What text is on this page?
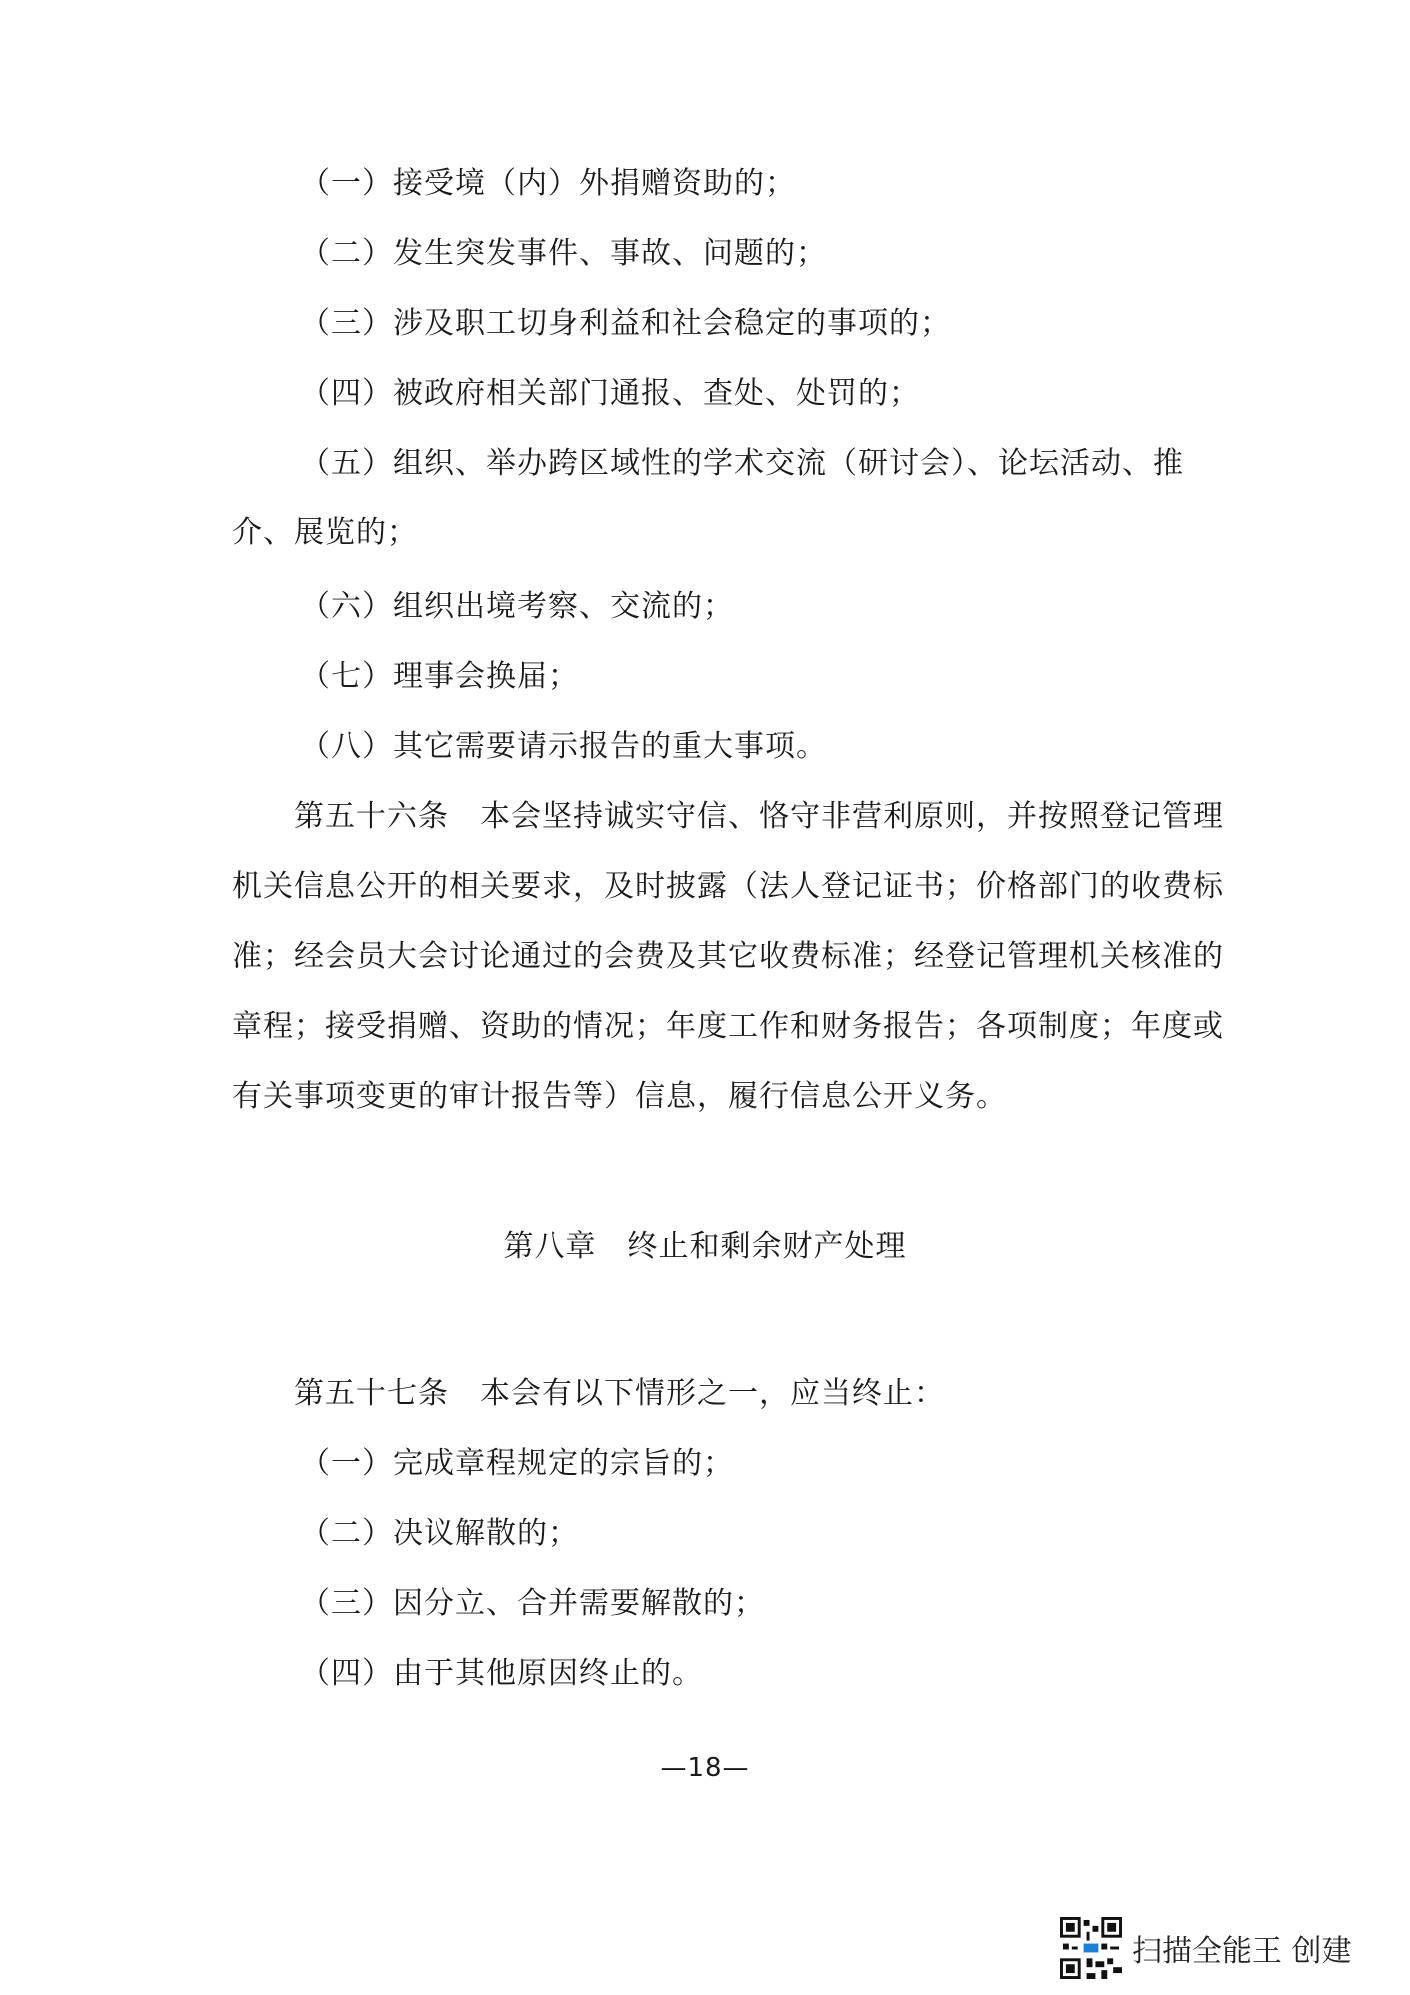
（一）接受境（内）外捐赠资助的；
（二）发生突发事件、事故、问题的；
（三）涉及职工切身利益和社会稳定的事项的；
（四）被政府相关部门通报、查处、处罚的；
（五）组织、举办跨区域性的学术交流（研讨会）、论坛活动、推
介、展览的；
（六）组织出境考察、交流的；
（七）理事会换届；
（八）其它需要请示报告的重大事项。
第五十六条　本会坚持诚实守信、恪守非营利原则，并按照登记管理
机关信息公开的相关要求，及时披露（法人登记证书；价格部门的收费标
准；经会员大会讨论通过的会费及其它收费标准；经登记管理机关核准的
章程；接受捐赠、资助的情况；年度工作和财务报告；各项制度；年度或
有关事项变更的审计报告等）信息，履行信息公开义务。
第八章　终止和剩余财产处理
第五十七条　本会有以下情形之一，应当终止：
（一）完成章程规定的宗旨的；
（二）决议解散的；
（三）因分立、合并需要解散的；
（四）由于其他原因终止的。
—18—
扫描全能王 创建
